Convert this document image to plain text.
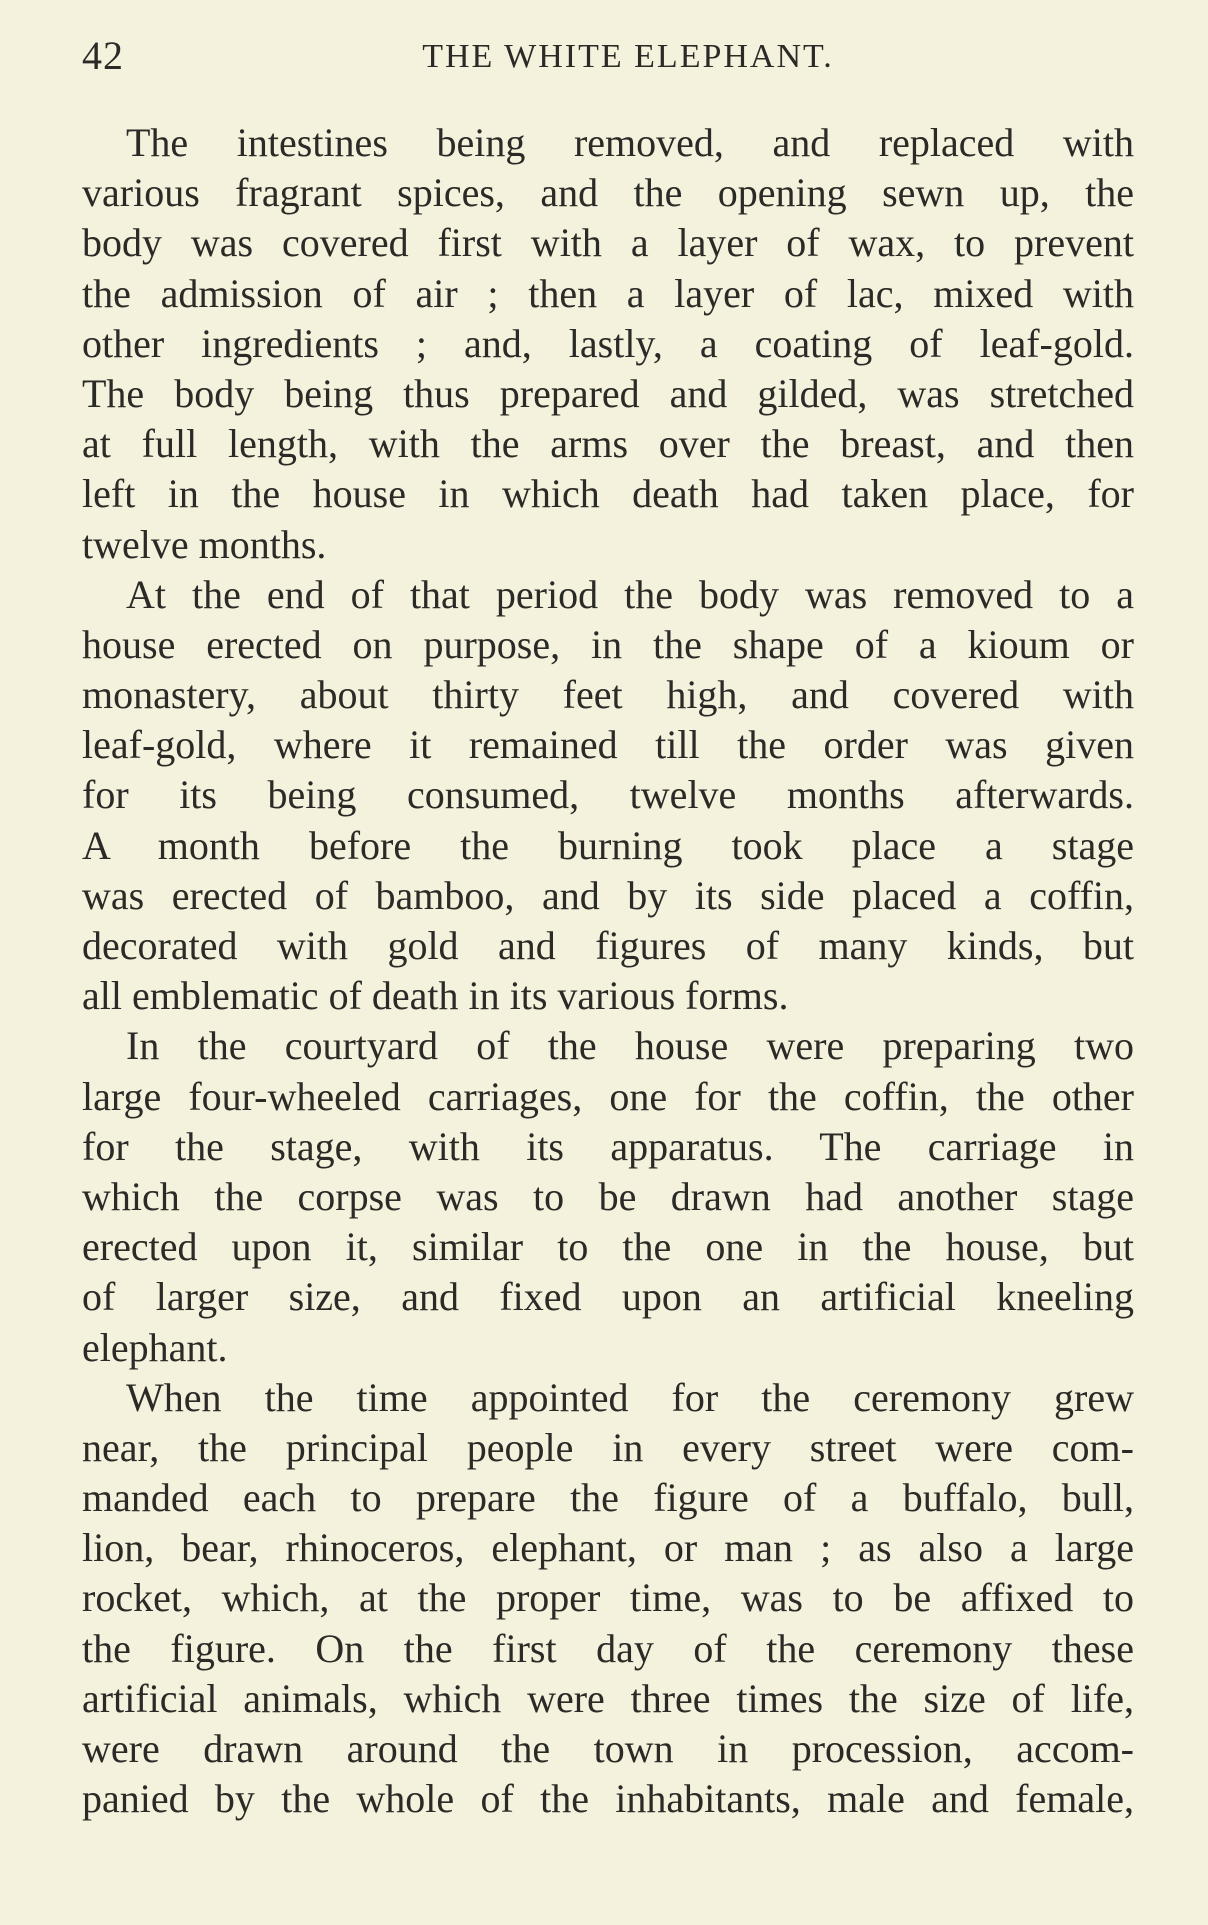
42	THE WHITE ELEPHANT.

The intestines being removed, and replaced with
various fragrant spices, and the opening sewn up, the
body was covered first with a layer of wax, to prevent
the admission of air ; then a layer of lac, mixed with
other ingredients ; and, lastly, a coating of leaf-gold.
The body being thus prepared and gilded, was stretched
at full length, with the arms over the breast, and then
left in the house in which death had taken place, for
twelve months.

At the end of that period the body was removed to a
house erected on purpose, in the shape of a kioum or
monastery, about thirty feet high, and covered with
leaf-gold, where it remained till the order was given
for its being consumed, twelve months afterwards.
A month before the burning took place a stage
was erected of bamboo, and by its side placed a coffin,
decorated with gold and figures of many kinds, but
all emblematic of death in its various forms.

In the courtyard of the house were preparing two
large four-wheeled carriages, one for the coffin, the other
for the stage, with its apparatus. The carriage in
which the corpse was to be drawn had another stage
erected upon it, similar to the one in the house, but
of larger size, and fixed upon an artificial kneeling
elephant.

When the time appointed for the ceremony grew
near, the principal people in every street were com-
manded each to prepare the figure of a buffalo, bull,
lion, bear, rhinoceros, elephant, or man ; as also a large
rocket, which, at the proper time, was to be affixed to
the figure. On the first day of the ceremony these
artificial animals, which were three times the size of life,
were drawn around the town in procession, accom-
panied by the whole of the inhabitants, male and female,
